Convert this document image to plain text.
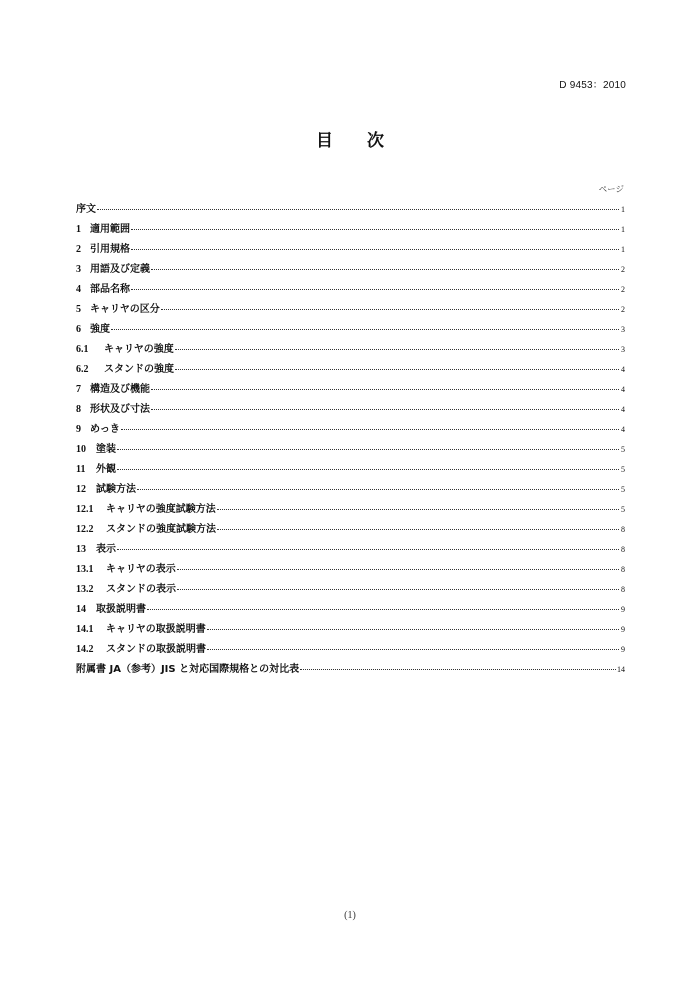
D 9453：2010
目 次
ページ
序文	1
1 適用範囲	1
2 引用規格	1
3 用語及び定義	2
4 部品名称	2
5 キャリヤの区分	2
6 強度	3
6.1	キャリヤの強度	3
6.2	スタンドの強度	4
7 構造及び機能	4
8 形状及び寸法	4
9 めっき	4
10	塗装	5
11	外観	5
12	試験方法	5
12.1	キャリヤの強度試験方法	5
12.2	スタンドの強度試験方法	8
13	表示	8
13.1	キャリヤの表示	8
13.2	スタンドの表示	8
14	取扱説明書	9
14.1	キャリヤの取扱説明書	9
14.2	スタンドの取扱説明書	9
附属書 JA（参考）JIS と対応国際規格との対比表	14
(1)
